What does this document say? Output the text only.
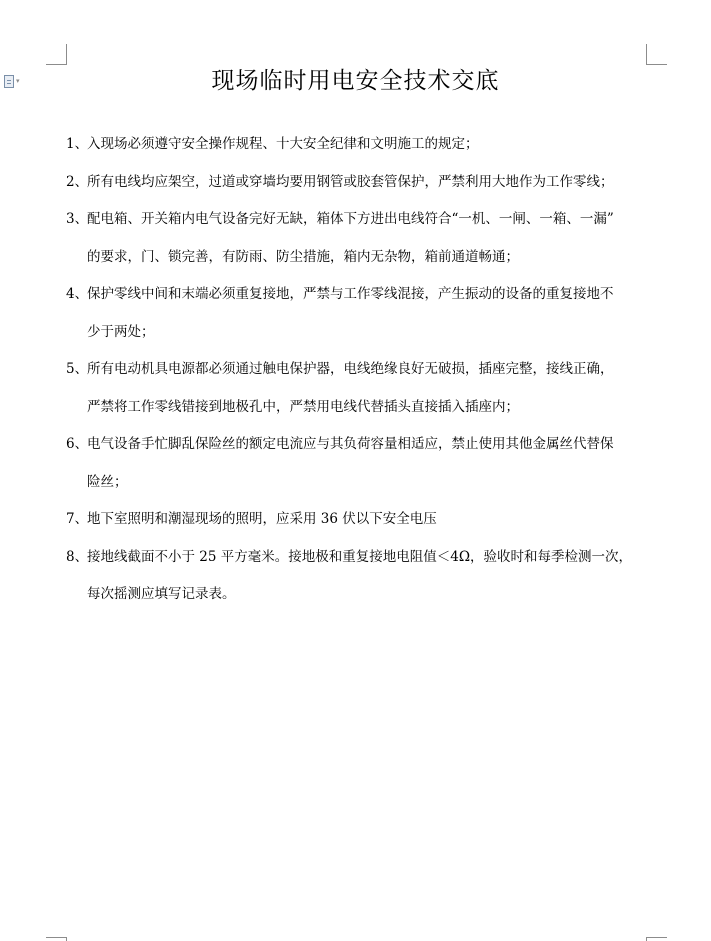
▾	现场临时用电安全技术交底
1、
入现场必须遵守安全操作规程、十大安全纪律和文明施工的规定；
2、
所有电线均应架空，过道或穿墙均要用钢管或胶套管保护，严禁利用大地作为工作零线；
3、
配电箱、开关箱内电气设备完好无缺，箱体下方进出电线符合“一机、一闸、一箱、一漏”
的要求，门、锁完善，有防雨、防尘措施，箱内无杂物，箱前通道畅通；
4、
保护零线中间和末端必须重复接地，严禁与工作零线混接，产生振动的设备的重复接地不
少于两处；
5、
所有电动机具电源都必须通过触电保护器，电线绝缘良好无破损，插座完整，接线正确，
严禁将工作零线错接到地极孔中，严禁用电线代替插头直接插入插座内；
6、
电气设备手忙脚乱保险丝的额定电流应与其负荷容量相适应，禁止使用其他金属丝代替保
险丝；
7、
地下室照明和潮湿现场的照明，应采用 36 伏以下安全电压
8、
接地线截面不小于 25 平方毫米。接地极和重复接地电阻值＜4Ω，验收时和每季检测一次，
每次摇测应填写记录表。
